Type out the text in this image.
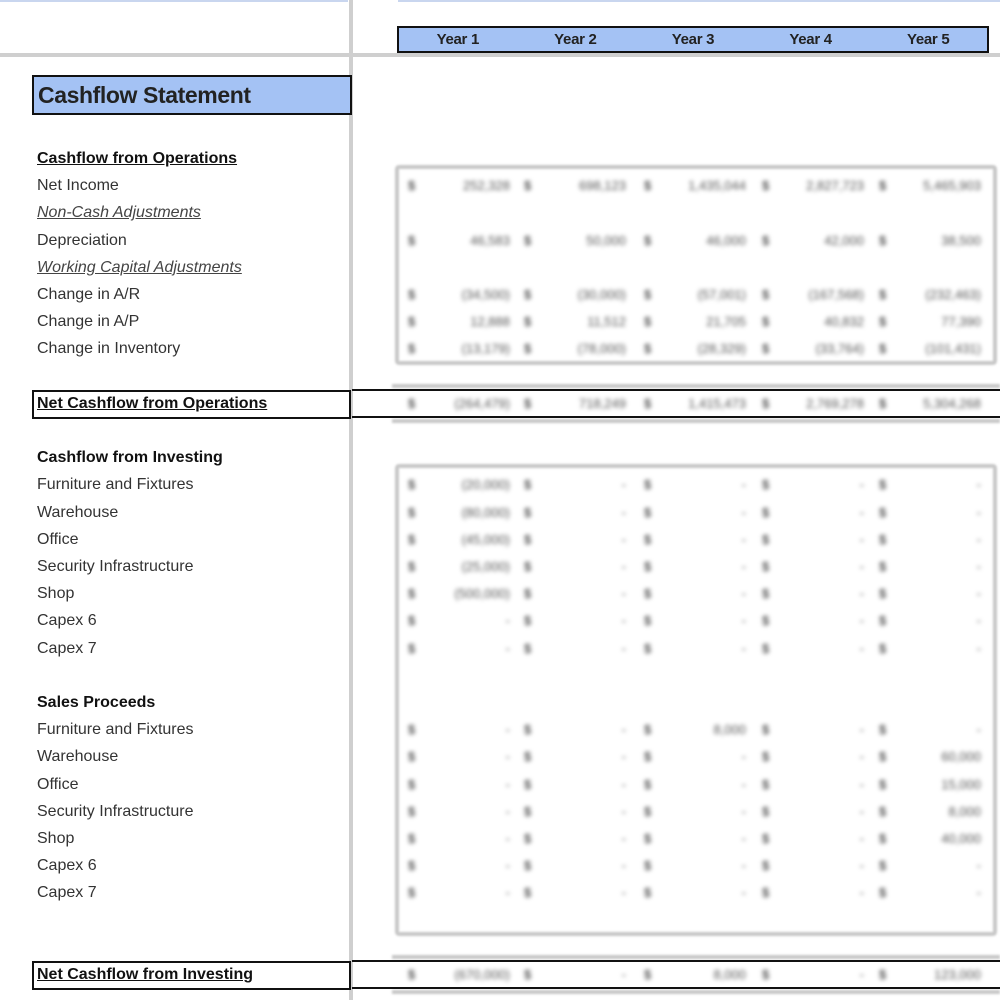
Year 1	Year 2	Year 3	Year 4	Year 5
Cashflow Statement
Cashflow from Operations
Net Income	$	252,328 $	698,123 $	1,435,044 $	2,827,723 $	5,465,903
Non-Cash Adjustments
Depreciation	$	46,583 $	50,000 $	46,000 $	42,000 $	38,500
Working Capital Adjustments
Change in A/R	$	(34,500) $	(30,000) $	(57,001) $	(167,568) $	(232,463)
Change in A/P	$	12,888 $	11,512 $	21,705 $	40,832 $	77,390
Change in Inventory	$	(13,179) $	(78,000) $	(28,329) $	(33,764) $	(101,431)
Net Cashflow from Operations	$	(264,479) $	718,249 $	1,415,473 $	2,769,278 $	5,304,268
Cashflow from Investing
Furniture and Fixtures	$	(20,000) $	- $	- $	- $	-
Warehouse	$	(80,000) $	- $	- $	- $	-
Office	$	(45,000) $	- $	- $	- $	-
Security Infrastructure	$	(25,000) $	- $	- $	- $	-
Shop	$	(500,000) $	- $	- $	- $	-
Capex 6	$	- $	- $	- $	- $	-
Capex 7	$	- $	- $	- $	- $	-
Sales Proceeds
Furniture and Fixtures	$	- $	- $	8,000 $	- $	-
Warehouse	$	- $	- $	- $	- $	60,000
Office	$	- $	- $	- $	- $	15,000
Security Infrastructure	$	- $	- $	- $	- $	8,000
Shop	$	- $	- $	- $	- $	40,000
Capex 6	$	- $	- $	- $	- $	-
Capex 7	$	- $	- $	- $	- $	-
Net Cashflow from Investing	$	(670,000) $	- $	8,000 $	- $	123,000
